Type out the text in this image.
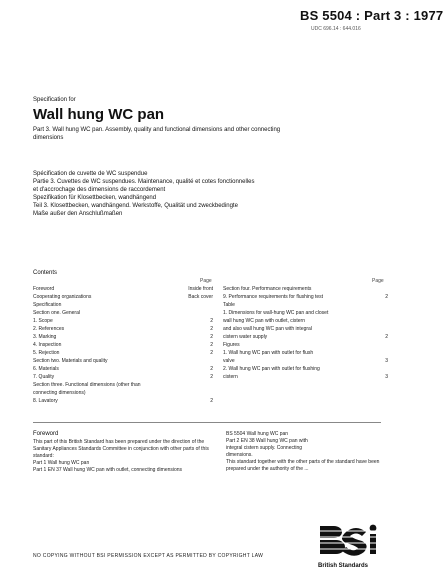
BS 5504 : Part 3 : 1977
UDC 696.14 : 644.016
Specification for
Wall hung WC pan
Part 3. Wall hung WC pan. Assembly, quality and functional dimensions and other connecting dimensions
Spécification de cuvette de WC suspendue
Partie 3. Cuvettes de WC suspendues. Maintenance, qualité et cotes fonctionnelles
et d'accrochage des dimensions de raccordement
Spezifikation für Klosettbecken, wandhängend
Teil 3. Klosettbecken, wandhängend. Werkstoffe, Qualität und zweckbedingte
Maße außer den Anschlußmaßen
Contents
Page	Page
Foreword	Inside front
Cooperating organizations	Back cover
Specification
Section one. General
1. Scope	2
2. References	2
3. Marking	2
4. Inspection	2
5. Rejection	2
Section two. Materials and quality
6. Materials	2
7. Quality	2
Section three. Functional dimensions (other than
connecting dimensions)
8. Lavatory	2
Section four. Performance requirements
9. Performance requirements for flushing test	2
Table
1. Dimensions for wall-hung WC pan and closet
wall hung WC pan with outlet, cistern
and also wall hung WC pan with integral
cistern water supply	2
Figures
1. Wall hung WC pan with outlet for flush
valve	3
2. Wall hung WC pan with outlet for flushing
cistern	3
Foreword
This part of this British Standard has been prepared under the direction of the Sanitary Appliances Standards Committee in conjunction with other parts of this standard:
Part 1 Wall hung WC pan
Part 1 EN 37 Wall hung WC pan with outlet, connecting dimensions
BS 5504 Wall hung WC pan
Part 2 EN 38 Wall hung WC pan with
integral cistern supply. Connecting
dimensions.
This standard together with the other parts of the standard have been prepared under the authority of the ...
British Standards
NO COPYING WITHOUT BSI PERMISSION EXCEPT AS PERMITTED BY COPYRIGHT LAW
